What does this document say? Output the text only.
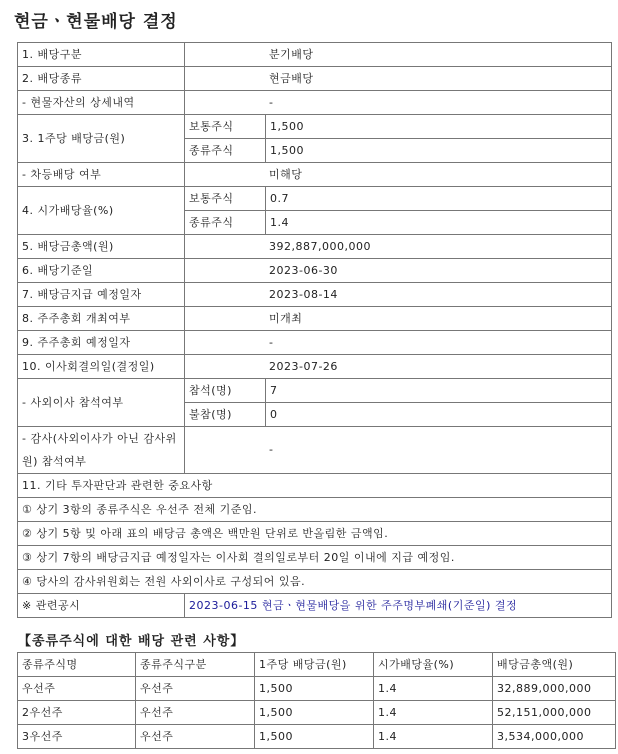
현금ㆍ현물배당 결정
1. 배당구분	분기배당	
2. 배당종류	현금배당	
- 현물자산의 상세내역	-	
3. 1주당 배당금(원)	보통주식	1,500
	종류주식	1,500
- 차등배당 여부	미해당	
4. 시가배당율(%)	보통주식	0.7
	종류주식	1.4
5. 배당금총액(원)	392,887,000,000	
6. 배당기준일	2023-06-30	
7. 배당금지급 예정일자	2023-08-14	
8. 주주총회 개최여부	미개최	
9. 주주총회 예정일자	-	
10. 이사회결의일(결정일)	2023-07-26	
- 사외이사 참석여부	참석(명)	7
	불참(명)	0
- 감사(사외이사가 아닌 감사위원) 참석여부	-	
11. 기타 투자판단과 관련한 중요사항		
① 상기 3항의 종류주식은 우선주 전체 기준임.		
② 상기 5항 및 아래 표의 배당금 총액은 백만원 단위로 반올림한 금액임.		
③ 상기 7항의 배당금지급 예정일자는 이사회 결의일로부터 20일 이내에 지급 예정임.		
④ 당사의 감사위원회는 전원 사외이사로 구성되어 있음.		
※ 관련공시	2023-06-15 현금ㆍ현물배당을 위한 주주명부폐쇄(기준일) 결정	
【종류주식에 대한 배당 관련 사항】
종류주식명	종류주식구분	1주당 배당금(원)	시가배당율(%)	배당금총액(원)
우선주	우선주	1,500	1.4	32,889,000,000
2우선주	우선주	1,500	1.4	52,151,000,000
3우선주	우선주	1,500	1.4	3,534,000,000
